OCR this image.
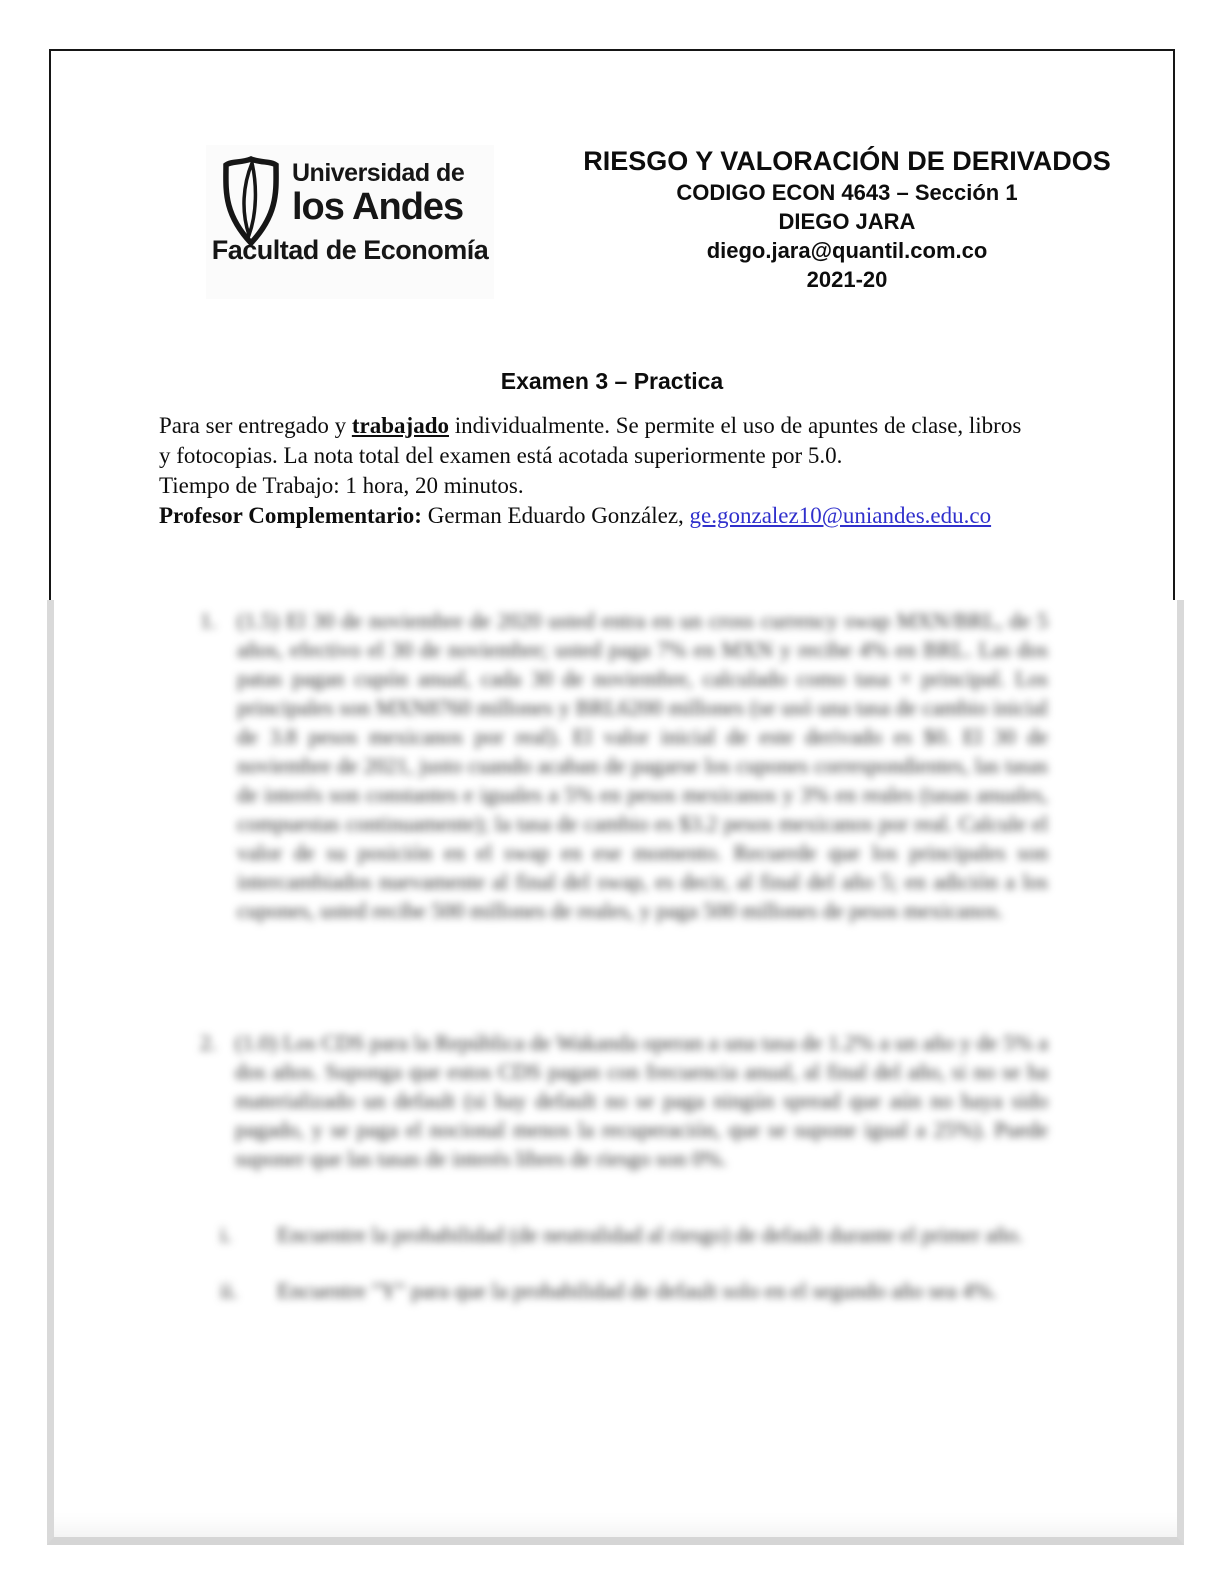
Universidad de
los Andes
Facultad de Economía
RIESGO Y VALORACIÓN DE DERIVADOS
CODIGO ECON 4643 – Sección 1
DIEGO JARA
diego.jara@quantil.com.co
2021-20
Examen 3 – Practica
Para ser entregado y trabajado individualmente. Se permite el uso de apuntes de clase, libros
y fotocopias. La nota total del examen está acotada superiormente por 5.0.
Tiempo de Trabajo: 1 hora, 20 minutos.
Profesor Complementario: German Eduardo González, ge.gonzalez10@uniandes.edu.co
1. (1.5) El 30 de noviembre de 2020 usted entra en un cross currency swap MXN/BRL, de 5 años, efectivo el 30 de noviembre; usted paga 7% en MXN y recibe 4% en BRL. Las dos patas pagan cupón anual, cada 30 de noviembre, calculado como tasa × principal. Los principales son MXN8760 millones y BRL6200 millones (se usó una tasa de cambio inicial de 3.8 pesos mexicanos por real). El valor inicial de este derivado es $0. El 30 de noviembre de 2021, justo cuando acaban de pagarse los cupones correspondientes, las tasas de interés son constantes e iguales a 5% en pesos mexicanos y 3% en reales (tasas anuales, compuestas continuamente); la tasa de cambio es $3.2 pesos mexicanos por real. Calcule el valor de su posición en el swap en ese momento. Recuerde que los principales son intercambiados nuevamente al final del swap, es decir, al final del año 5; en adición a los cupones, usted recibe 500 millones de reales, y paga 500 millones de pesos mexicanos.
2. (1.0) Los CDS para la República de Wakanda operan a una tasa de 1.2% a un año y de 5% a dos años. Suponga que estos CDS pagan con frecuencia anual, al final del año, si no se ha materializado un default (si hay default no se paga ningún spread que aún no haya sido pagado, y se paga el nocional menos la recuperación, que se supone igual a 25%). Puede suponer que las tasas de interés libres de riesgo son 0%.
i.	Encuentre la probabilidad (de neutralidad al riesgo) de default durante el primer año.
ii.	Encuentre "Y" para que la probabilidad de default solo en el segundo año sea 4%.
